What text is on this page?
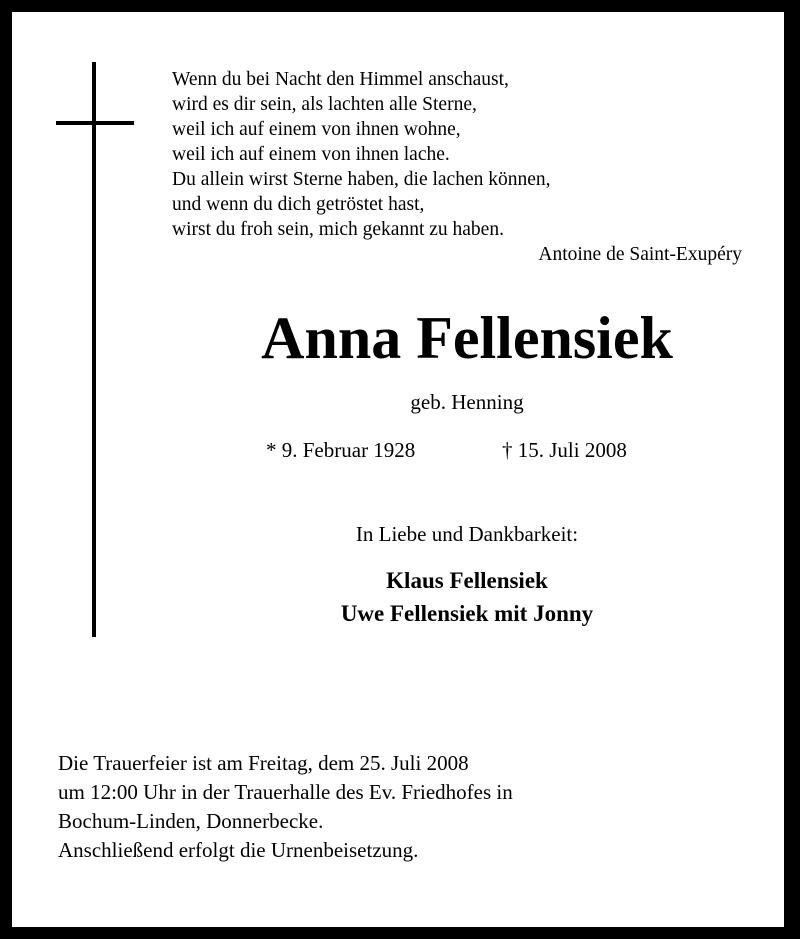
Wenn du bei Nacht den Himmel anschaust,
wird es dir sein, als lachten alle Sterne,
weil ich auf einem von ihnen wohne,
weil ich auf einem von ihnen lache.
Du allein wirst Sterne haben, die lachen können,
und wenn du dich getröstet hast,
wirst du froh sein, mich gekannt zu haben.
Antoine de Saint-Exupéry
Anna Fellensiek
geb. Henning
* 9. Februar 1928	† 15. Juli 2008
In Liebe und Dankbarkeit:
Klaus Fellensiek
Uwe Fellensiek mit Jonny
Die Trauerfeier ist am Freitag, dem 25. Juli 2008
um 12:00 Uhr in der Trauerhalle des Ev. Friedhofes in
Bochum-Linden, Donnerbecke.
Anschließend erfolgt die Urnenbeisetzung.
